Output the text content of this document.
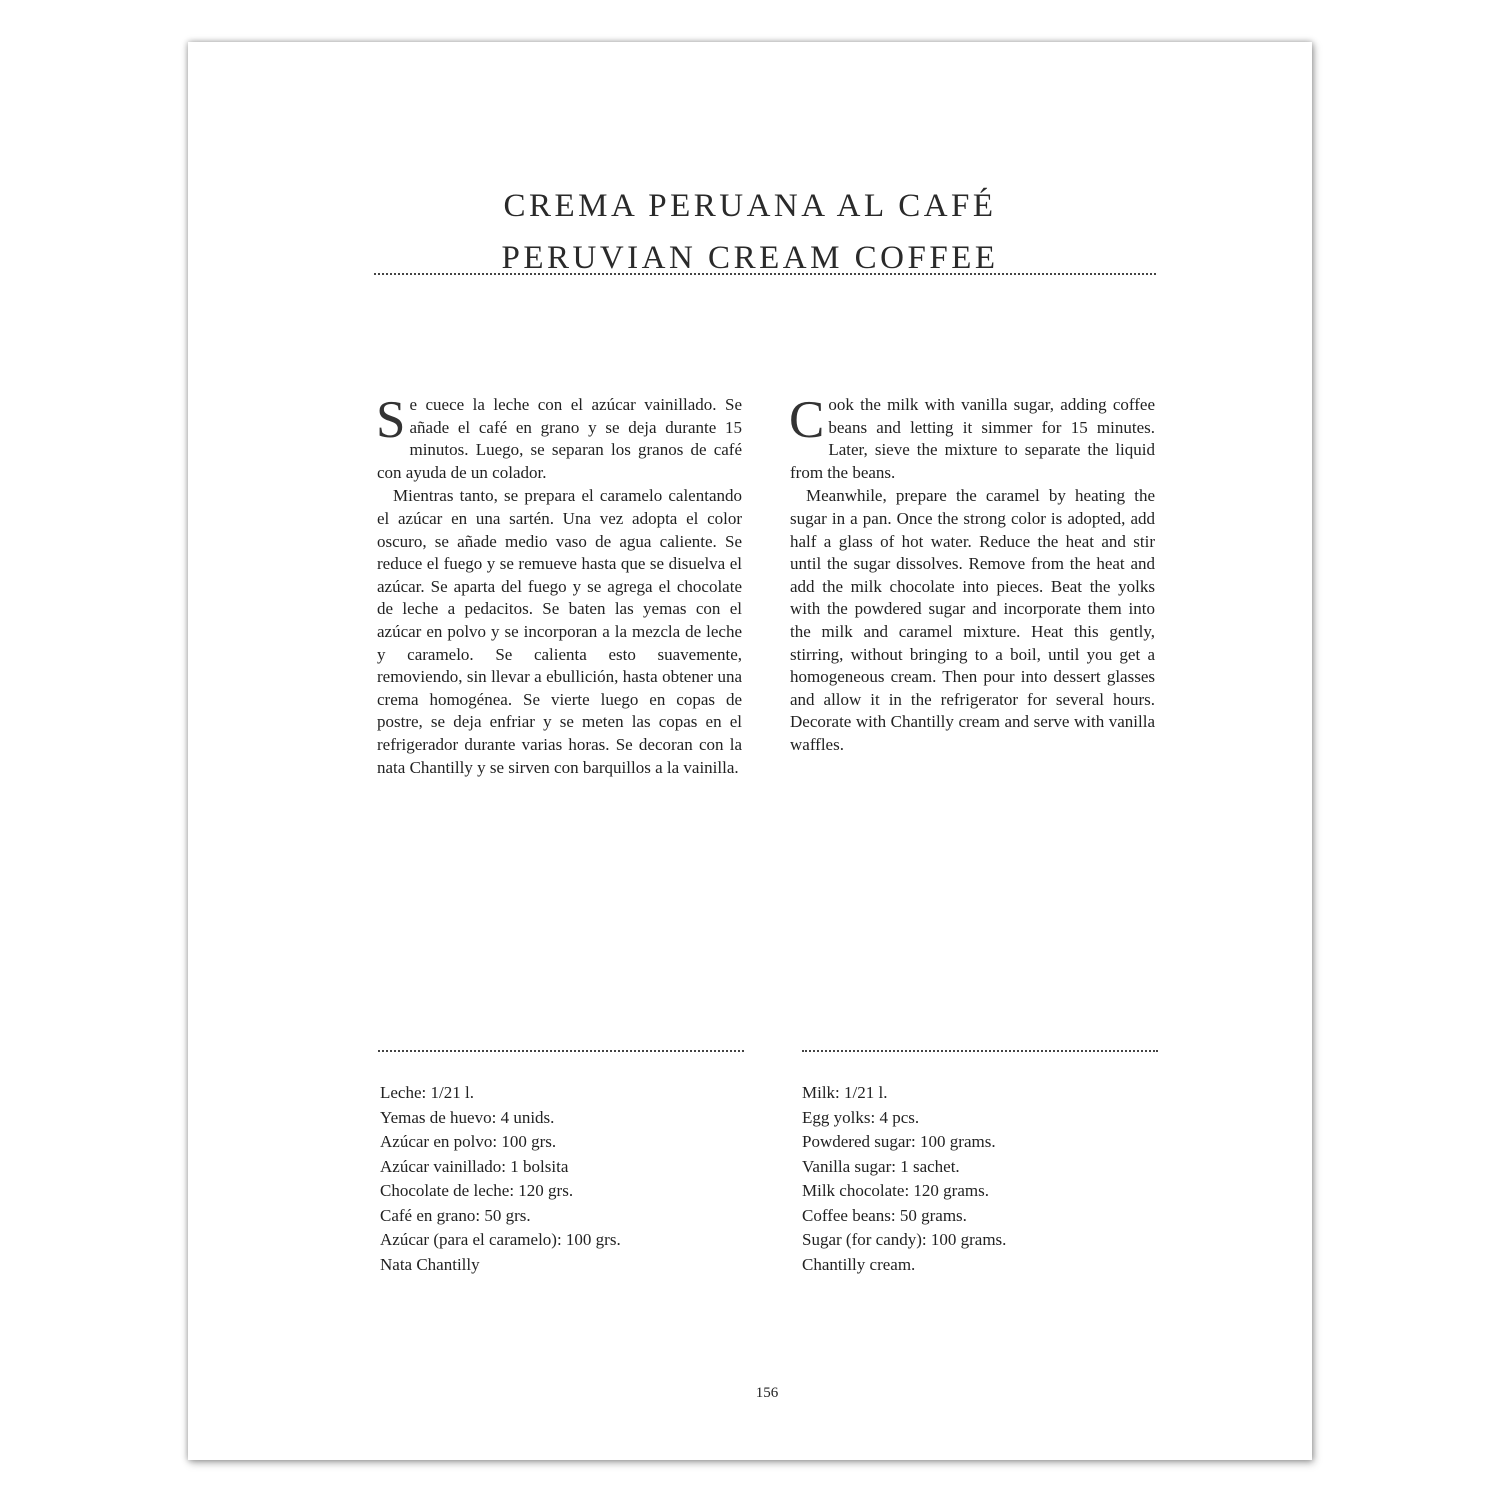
CREMA PERUANA AL CAFÉ
PERUVIAN CREAM COFFEE

Se cuece la leche con el azúcar vainillado. Se añade el café en grano y se deja durante 15 minutos. Luego, se separan los granos de café con ayuda de un colador.

Mientras tanto, se prepara el caramelo calentando el azúcar en una sartén. Una vez adopta el color oscuro, se añade medio vaso de agua caliente. Se reduce el fuego y se remueve hasta que se disuelva el azúcar. Se aparta del fuego y se agrega el chocolate de leche a pedacitos. Se baten las yemas con el azúcar en polvo y se incorporan a la mezcla de leche y caramelo. Se calienta esto suavemente, removiendo, sin llevar a ebullición, hasta obtener una crema homogénea. Se vierte luego en copas de postre, se deja enfriar y se meten las copas en el refrigerador durante varias horas. Se decoran con la nata Chantilly y se sirven con barquillos a la vainilla.

Cook the milk with vanilla sugar, adding coffee beans and letting it simmer for 15 minutes. Later, sieve the mixture to separate the liquid from the beans.

Meanwhile, prepare the caramel by heating the sugar in a pan. Once the strong color is adopted, add half a glass of hot water. Reduce the heat and stir until the sugar dissolves. Remove from the heat and add the milk chocolate into pieces. Beat the yolks with the powdered sugar and incorporate them into the milk and caramel mixture. Heat this gently, stirring, without bringing to a boil, until you get a homogeneous cream. Then pour into dessert glasses and allow it in the refrigerator for several hours. Decorate with Chantilly cream and serve with vanilla waffles.

Leche: 1/21 l.
Yemas de huevo: 4 unids.
Azúcar en polvo: 100 grs.
Azúcar vainillado: 1 bolsita
Chocolate de leche: 120 grs.
Café en grano: 50 grs.
Azúcar (para el caramelo): 100 grs.
Nata Chantilly
Milk: 1/21 l.
Egg yolks: 4 pcs.
Powdered sugar: 100 grams.
Vanilla sugar: 1 sachet.
Milk chocolate: 120 grams.
Coffee beans: 50 grams.
Sugar (for candy): 100 grams.
Chantilly cream.
156
